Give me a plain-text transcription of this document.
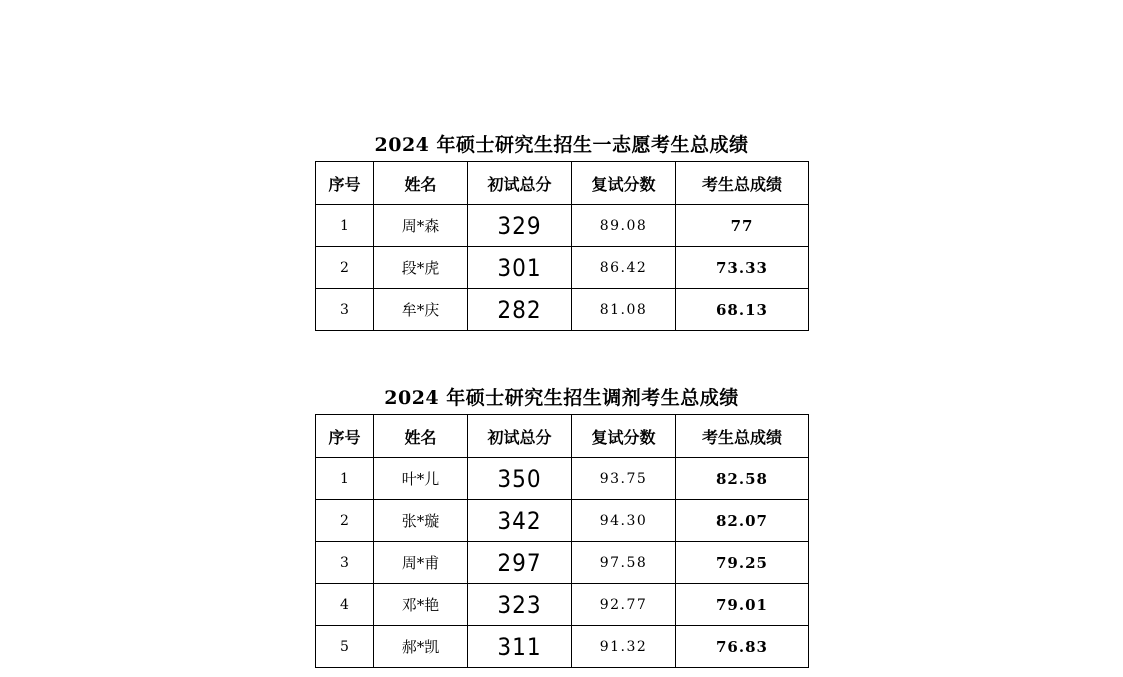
2024 年硕士研究生招生一志愿考生总成绩
序号	姓名	初试总分	复试分数	考生总成绩
1	周*森	329	89.08	77
2	段*虎	301	86.42	73.33
3	牟*庆	282	81.08	68.13
2024 年硕士研究生招生调剂考生总成绩
序号	姓名	初试总分	复试分数	考生总成绩
1	叶*儿	350	93.75	82.58
2	张*璇	342	94.30	82.07
3	周*甫	297	97.58	79.25
4	邓*艳	323	92.77	79.01
5	郝*凯	311	91.32	76.83
